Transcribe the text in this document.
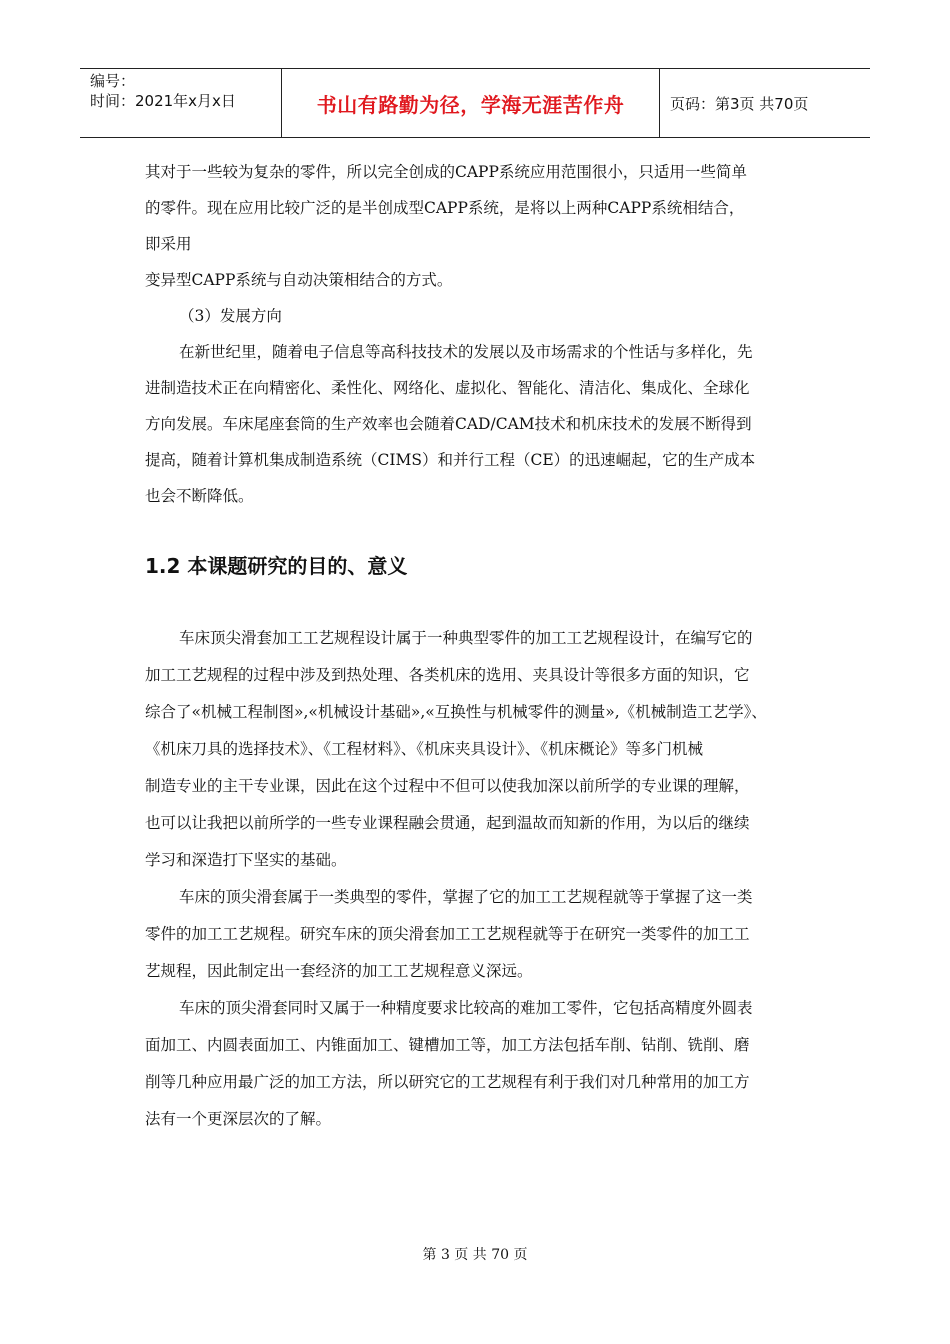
编号：
时间：2021年x月x日	书山有路勤为径，学海无涯苦作舟	页码：第3页 共70页
其对于一些较为复杂的零件，所以完全创成的CAPP系统应用范围很小，只适用一些简单
的零件。现在应用比较广泛的是半创成型CAPP系统，是将以上两种CAPP系统相结合，
即采用
变异型CAPP系统与自动决策相结合的方式。
（3）发展方向
在新世纪里，随着电子信息等高科技技术的发展以及市场需求的个性话与多样化，先
进制造技术正在向精密化、柔性化、网络化、虚拟化、智能化、清洁化、集成化、全球化
方向发展。车床尾座套筒的生产效率也会随着CAD/CAM技术和机床技术的发展不断得到
提高，随着计算机集成制造系统（CIMS）和并行工程（CE）的迅速崛起，它的生产成本
也会不断降低。
1.2 本课题研究的目的、意义
车床顶尖滑套加工工艺规程设计属于一种典型零件的加工工艺规程设计，在编写它的
加工工艺规程的过程中涉及到热处理、各类机床的选用、夹具设计等很多方面的知识，它
综合了«机械工程制图»,«机械设计基础»,«互换性与机械零件的测量»,《机械制造工艺学》、
《机床刀具的选择技术》、《工程材料》、《机床夹具设计》、《机床概论》等多门机械
制造专业的主干专业课，因此在这个过程中不但可以使我加深以前所学的专业课的理解，
也可以让我把以前所学的一些专业课程融会贯通，起到温故而知新的作用，为以后的继续
学习和深造打下坚实的基础。
车床的顶尖滑套属于一类典型的零件，掌握了它的加工工艺规程就等于掌握了这一类
零件的加工工艺规程。研究车床的顶尖滑套加工工艺规程就等于在研究一类零件的加工工
艺规程，因此制定出一套经济的加工工艺规程意义深远。
车床的顶尖滑套同时又属于一种精度要求比较高的难加工零件，它包括高精度外圆表
面加工、内圆表面加工、内锥面加工、键槽加工等，加工方法包括车削、钻削、铣削、磨
削等几种应用最广泛的加工方法，所以研究它的工艺规程有利于我们对几种常用的加工方
法有一个更深层次的了解。
第 3 页 共 70 页
